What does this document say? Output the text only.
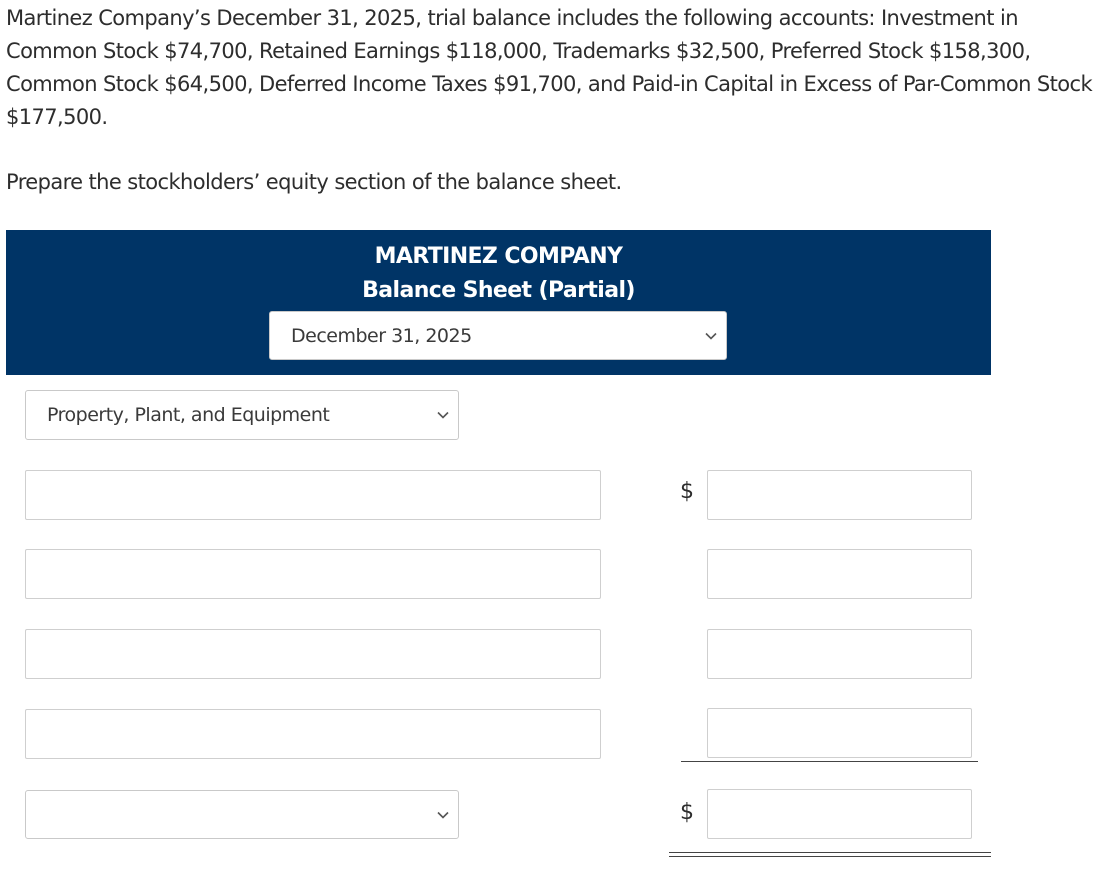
Martinez Company’s December 31, 2025, trial balance includes the following accounts: Investment in Common Stock $74,700, Retained Earnings $118,000, Trademarks $32,500, Preferred Stock $158,300, Common Stock $64,500, Deferred Income Taxes $91,700, and Paid-in Capital in Excess of Par-Common Stock $177,500.

Prepare the stockholders’ equity section of the balance sheet.

MARTINEZ COMPANY
Balance Sheet (Partial)
December 31, 2025
Property, Plant, and Equipment
$
$
